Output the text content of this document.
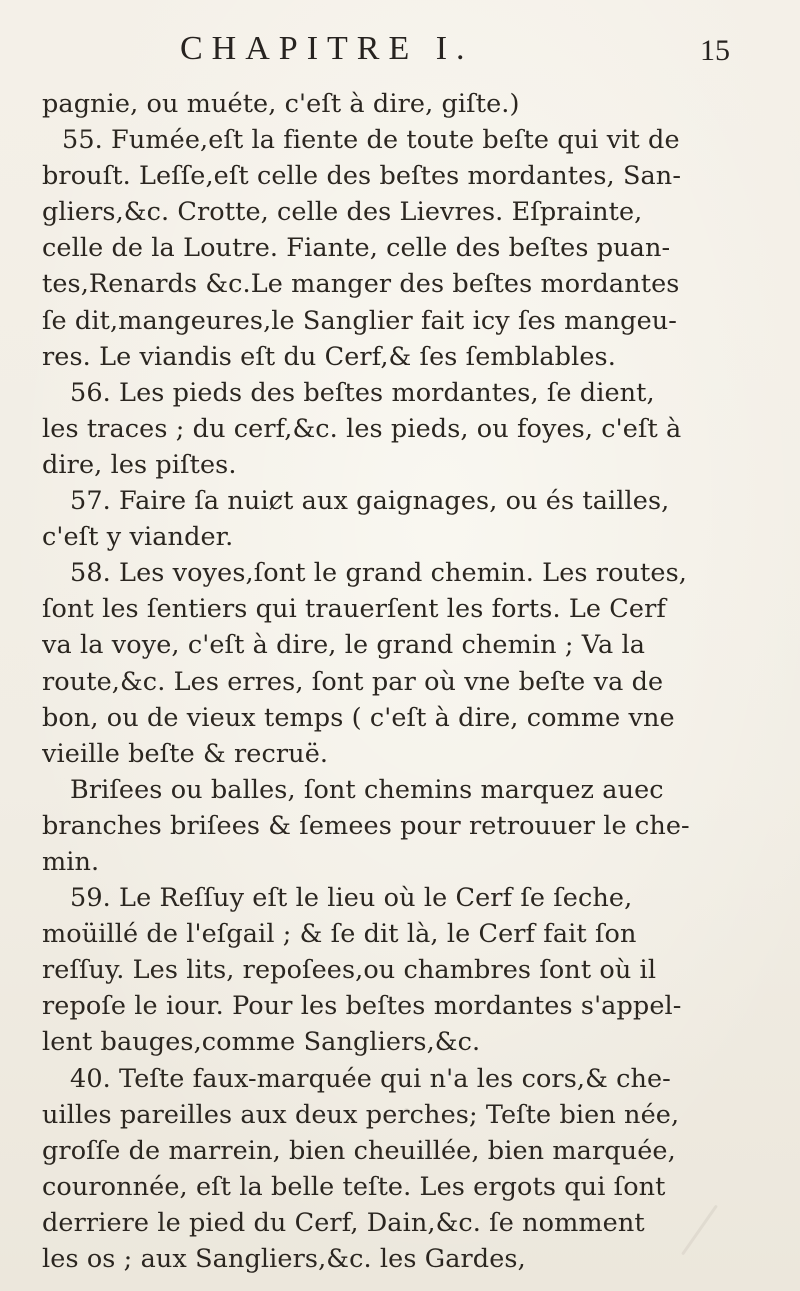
CHAPITRE I.	15
pagnie, ou muéte, c'eſt à dire, giſte.)
55. Fumée,eſt la fiente de toute beſte qui vit de
brouſt. Leſſe,eſt celle des beſtes mordantes, San-
gliers,&c. Crotte, celle des Lievres. Eſprainte,
celle de la Loutre. Fiante, celle des beſtes puan-
tes,Renards &c.Le manger des beſtes mordantes
ſe dit,mangeures,le Sanglier fait icy ſes mangeu-
res. Le viandis eſt du Cerf,& ſes ſemblables.
56. Les pieds des beſtes mordantes, ſe dient,
les traces ; du cerf,&c. les pieds, ou foyes, c'eſt à
dire, les piſtes.
57. Faire ſa nuiȼt aux gaignages, ou és tailles,
c'eſt y viander.
58. Les voyes,ſont le grand chemin. Les routes,
ſont les ſentiers qui trauerſent les forts. Le Cerf
va la voye, c'eſt à dire, le grand chemin ; Va la
route,&c. Les erres, ſont par où vne beſte va de
bon, ou de vieux temps ( c'eſt à dire, comme vne
vieille beſte & recruë.
Briſees ou balles, ſont chemins marquez auec
branches briſees & ſemees pour retrouuer le che-
min.
59. Le Reſſuy eſt le lieu où le Cerf ſe ſeche,
moüillé de l'eſgail ; & ſe dit là, le Cerf fait ſon
reſſuy. Les lits, repoſees,ou chambres ſont où il
repoſe le iour. Pour les beſtes mordantes s'appel-
lent bauges,comme Sangliers,&c.
40. Teſte faux-marquée qui n'a les cors,& che-
uilles pareilles aux deux perches; Teſte bien née,
groſſe de marrein, bien cheuillée, bien marquée,
couronnée, eſt la belle teſte. Les ergots qui ſont
derriere le pied du Cerf, Dain,&c. ſe nomment
les os ; aux Sangliers,&c. les Gardes,
